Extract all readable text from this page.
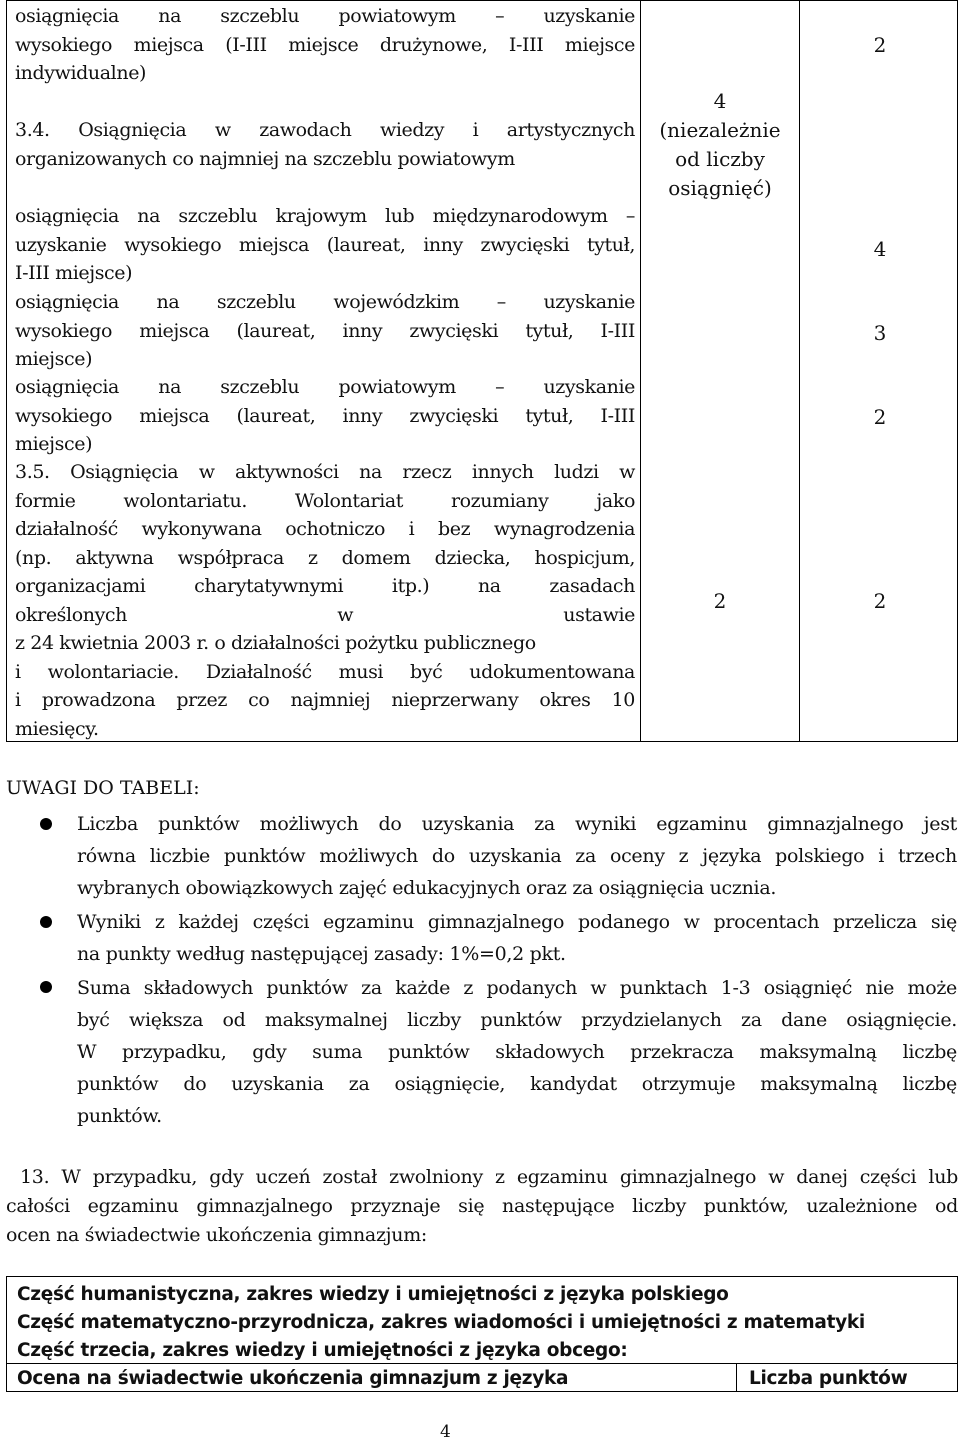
osiągnięcia na szczeblu powiatowym – uzyskanie
wysokiego miejsca (I-III miejsce drużynowe, I-III miejsce
indywidualne)
2
3.4. Osiągnięcia w zawodach wiedzy i artystycznych
organizowanych co najmniej na szczeblu powiatowym
4
(niezależnie
od liczby
osiągnięć)
osiągnięcia na szczeblu krajowym lub międzynarodowym –
uzyskanie wysokiego miejsca (laureat, inny zwycięski tytuł,
I-III miejsce)
4
osiągnięcia na szczeblu wojewódzkim – uzyskanie
wysokiego miejsca (laureat, inny zwycięski tytuł, I-III
miejsce)
3
osiągnięcia na szczeblu powiatowym – uzyskanie
wysokiego miejsca (laureat, inny zwycięski tytuł, I-III
miejsce)
2
3.5. Osiągnięcia w aktywności na rzecz innych ludzi w
formie wolontariatu. Wolontariat rozumiany jako
działalność wykonywana ochotniczo i bez wynagrodzenia
(np. aktywna współpraca z domem dziecka, hospicjum,
organizacjami charytatywnymi itp.) na zasadach
określonych w ustawie
z 24 kwietnia 2003 r. o działalności pożytku publicznego
i wolontariacie. Działalność musi być udokumentowana
i prowadzona przez co najmniej nieprzerwany okres 10
miesięcy.
2	2
UWAGI DO TABELI:
Liczba punktów możliwych do uzyskania za wyniki egzaminu gimnazjalnego jest
równa liczbie punktów możliwych do uzyskania za oceny z języka polskiego i trzech
wybranych obowiązkowych zajęć edukacyjnych oraz za osiągnięcia ucznia.
Wyniki z każdej części egzaminu gimnazjalnego podanego w procentach przelicza się
na punkty według następującej zasady: 1%=0,2 pkt.
Suma składowych punktów za każde z podanych w punktach 1-3 osiągnięć nie może
być większa od maksymalnej liczby punktów przydzielanych za dane osiągnięcie.
W przypadku, gdy suma punktów składowych przekracza maksymalną liczbę
punktów do uzyskania za osiągnięcie, kandydat otrzymuje maksymalną liczbę
punktów.
13. W przypadku, gdy uczeń został zwolniony z egzaminu gimnazjalnego w danej części lub
całości egzaminu gimnazjalnego przyznaje się następujące liczby punktów, uzależnione od
ocen na świadectwie ukończenia gimnazjum:
Część humanistyczna, zakres wiedzy i umiejętności z języka polskiego
Część matematyczno-przyrodnicza, zakres wiadomości i umiejętności z matematyki
Część trzecia, zakres wiedzy i umiejętności z języka obcego:
Ocena na świadectwie ukończenia gimnazjum z języka	Liczba punktów
4
